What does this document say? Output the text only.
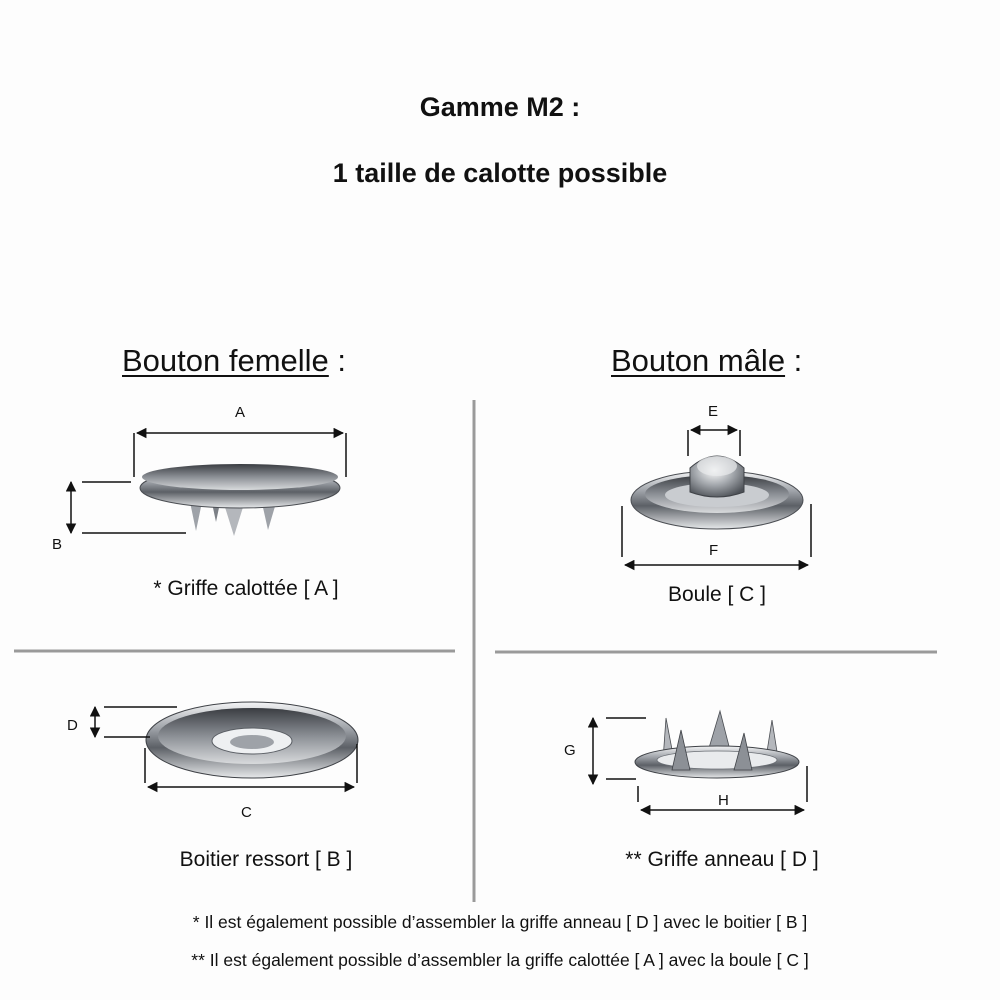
Gamme M2 :
1 taille de calotte possible
Bouton femelle :	Bouton mâle :
A
B
E
F
D
C
G
H
* Griffe calottée [ A ]	Boule [ C ]
Boitier ressort [ B ]	** Griffe anneau [ D ]
* Il est également possible d’assembler la griffe anneau [ D ] avec le boitier [ B ]
** Il est également possible d’assembler la griffe calottée [ A ] avec la boule [ C ]
